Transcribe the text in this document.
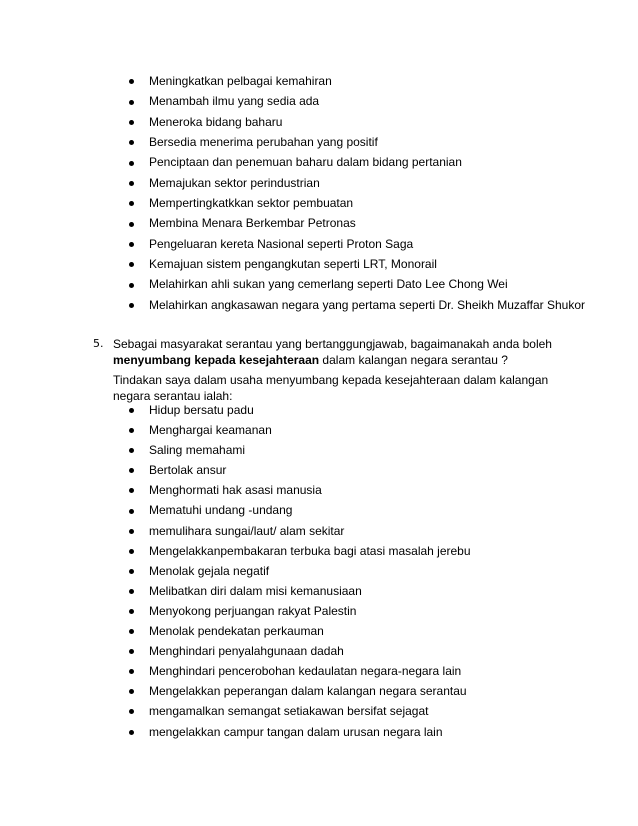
Meningkatkan pelbagai kemahiran
Menambah ilmu yang sedia ada
Meneroka bidang baharu
Bersedia menerima perubahan yang positif
Penciptaan dan penemuan baharu dalam bidang pertanian
Memajukan sektor perindustrian
Mempertingkatkkan sektor pembuatan
Membina Menara Berkembar Petronas
Pengeluaran kereta Nasional seperti Proton Saga
Kemajuan sistem pengangkutan seperti LRT, Monorail
Melahirkan ahli sukan yang cemerlang seperti Dato Lee Chong Wei
Melahirkan angkasawan negara yang pertama seperti Dr. Sheikh Muzaffar Shukor
5. Sebagai masyarakat serantau yang bertanggungjawab, bagaimanakah anda boleh menyumbang kepada kesejahteraan dalam kalangan negara serantau ?
Tindakan saya dalam usaha menyumbang kepada kesejahteraan dalam kalangan negara serantau ialah:
Hidup bersatu padu
Menghargai keamanan
Saling memahami
Bertolak ansur
Menghormati hak asasi manusia
Mematuhi undang -undang
memulihara sungai/laut/ alam sekitar
Mengelakkanpembakaran terbuka bagi atasi masalah jerebu
Menolak gejala negatif
Melibatkan diri dalam misi kemanusiaan
Menyokong perjuangan rakyat Palestin
Menolak pendekatan perkauman
Menghindari penyalahgunaan dadah
Menghindari pencerobohan kedaulatan negara-negara lain
Mengelakkan peperangan dalam kalangan negara serantau
mengamalkan semangat setiakawan bersifat sejagat
mengelakkan campur tangan dalam urusan negara lain
